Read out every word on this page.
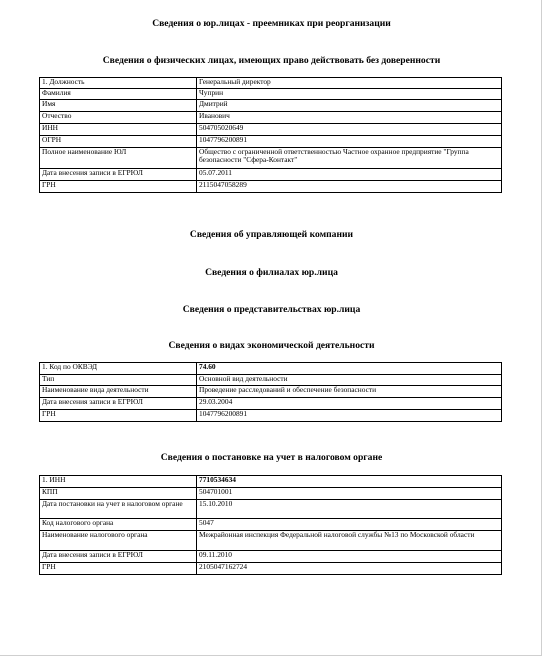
Сведения о юр.лицах - преемниках при реорганизации
Сведения о физических лицах, имеющих право действовать без доверенности
1. Должность	Генеральный директор
Фамилия	Чуприн
Имя	Дмитрий
Отчество	Иванович
ИНН	504705020649
ОГРН	1047796200891
Полное наименование ЮЛ	Общество с ограниченной ответственностью Частное охранное предприятие "Группа безопасности "Сфера-Контакт"
Дата внесения записи в ЕГРЮЛ	05.07.2011
ГРН	2115047058289
Сведения об управляющей компании
Сведения о филиалах юр.лица
Сведения о представительствах юр.лица
Сведения о видах экономической деятельности
1. Код по ОКВЭД	74.60
Тип	Основной вид деятельности
Наименование вида деятельности	Проведение расследований и обеспечение безопасности
Дата внесения записи в ЕГРЮЛ	29.03.2004
ГРН	1047796200891
Сведения о постановке на учет в налоговом органе
1. ИНН	7710534634
КПП	504701001
Дата постановки на учет в налоговом органе	15.10.2010
Код налогового органа	5047
Наименование налогового органа	Межрайонная инспекция Федеральной налоговой службы №13 по Московской области
Дата внесения записи в ЕГРЮЛ	09.11.2010
ГРН	2105047162724
